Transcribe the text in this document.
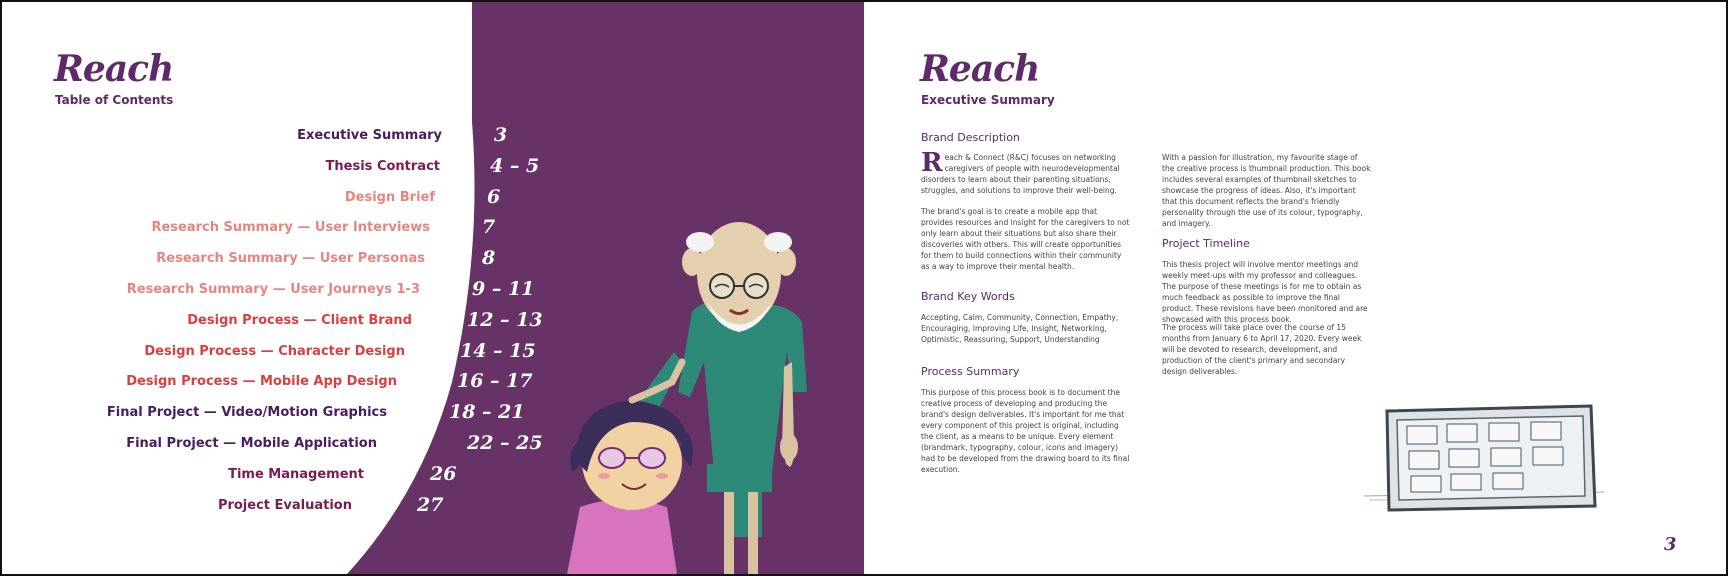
Reach
Table of Contents
Executive Summary	3
Thesis Contract	4 – 5
Design Brief	6
Research Summary — User Interviews	7
Research Summary — User Personas	8
Research Summary — User Journeys 1-3	9 – 11
Design Process — Client Brand	12 – 13
Design Process — Character Design	14 – 15
Design Process — Mobile App Design	16 – 17
Final Project — Video/Motion Graphics	18 – 21
Final Project — Mobile Application	22 – 25
Time Management	26
Project Evaluation	27
Reach
Executive Summary
Brand Description
R each & Connect (R&C) focuses on networking caregivers of people with neurodevelopmental disorders to learn about their parenting situations, struggles, and solutions to improve their well-being.

The brand's goal is to create a mobile app that provides resources and insight for the caregivers to not only learn about their situations but also share their discoveries with others. This will create opportunities for them to build connections within their community as a way to improve their mental health.

Brand Key Words

Accepting, Calm, Community, Connection, Empathy, Encouraging, Improving Life, Insight, Networking, Optimistic, Reassuring, Support, Understanding

Process Summary

This purpose of this process book is to document the creative process of developing and producing the brand's design deliverables. It's important for me that every component of this project is original, including the client, as a means to be unique. Every element (brandmark, typography, colour, icons and imagery) had to be developed from the drawing board to its final execution.

With a passion for illustration, my favourite stage of the creative process is thumbnail production. This book includes several examples of thumbnail sketches to showcase the progress of ideas. Also, it's important that this document reflects the brand's friendly personality through the use of its colour, typography, and imagery.

Project Timeline

This thesis project will involve mentor meetings and weekly meet-ups with my professor and colleagues. The purpose of these meetings is for me to obtain as much feedback as possible to improve the final product. These revisions have been monitored and are showcased with this process book.

The process will take place over the course of 15 months from January 6 to April 17, 2020. Every week will be devoted to research, development, and production of the client's primary and secondary design deliverables.

3
